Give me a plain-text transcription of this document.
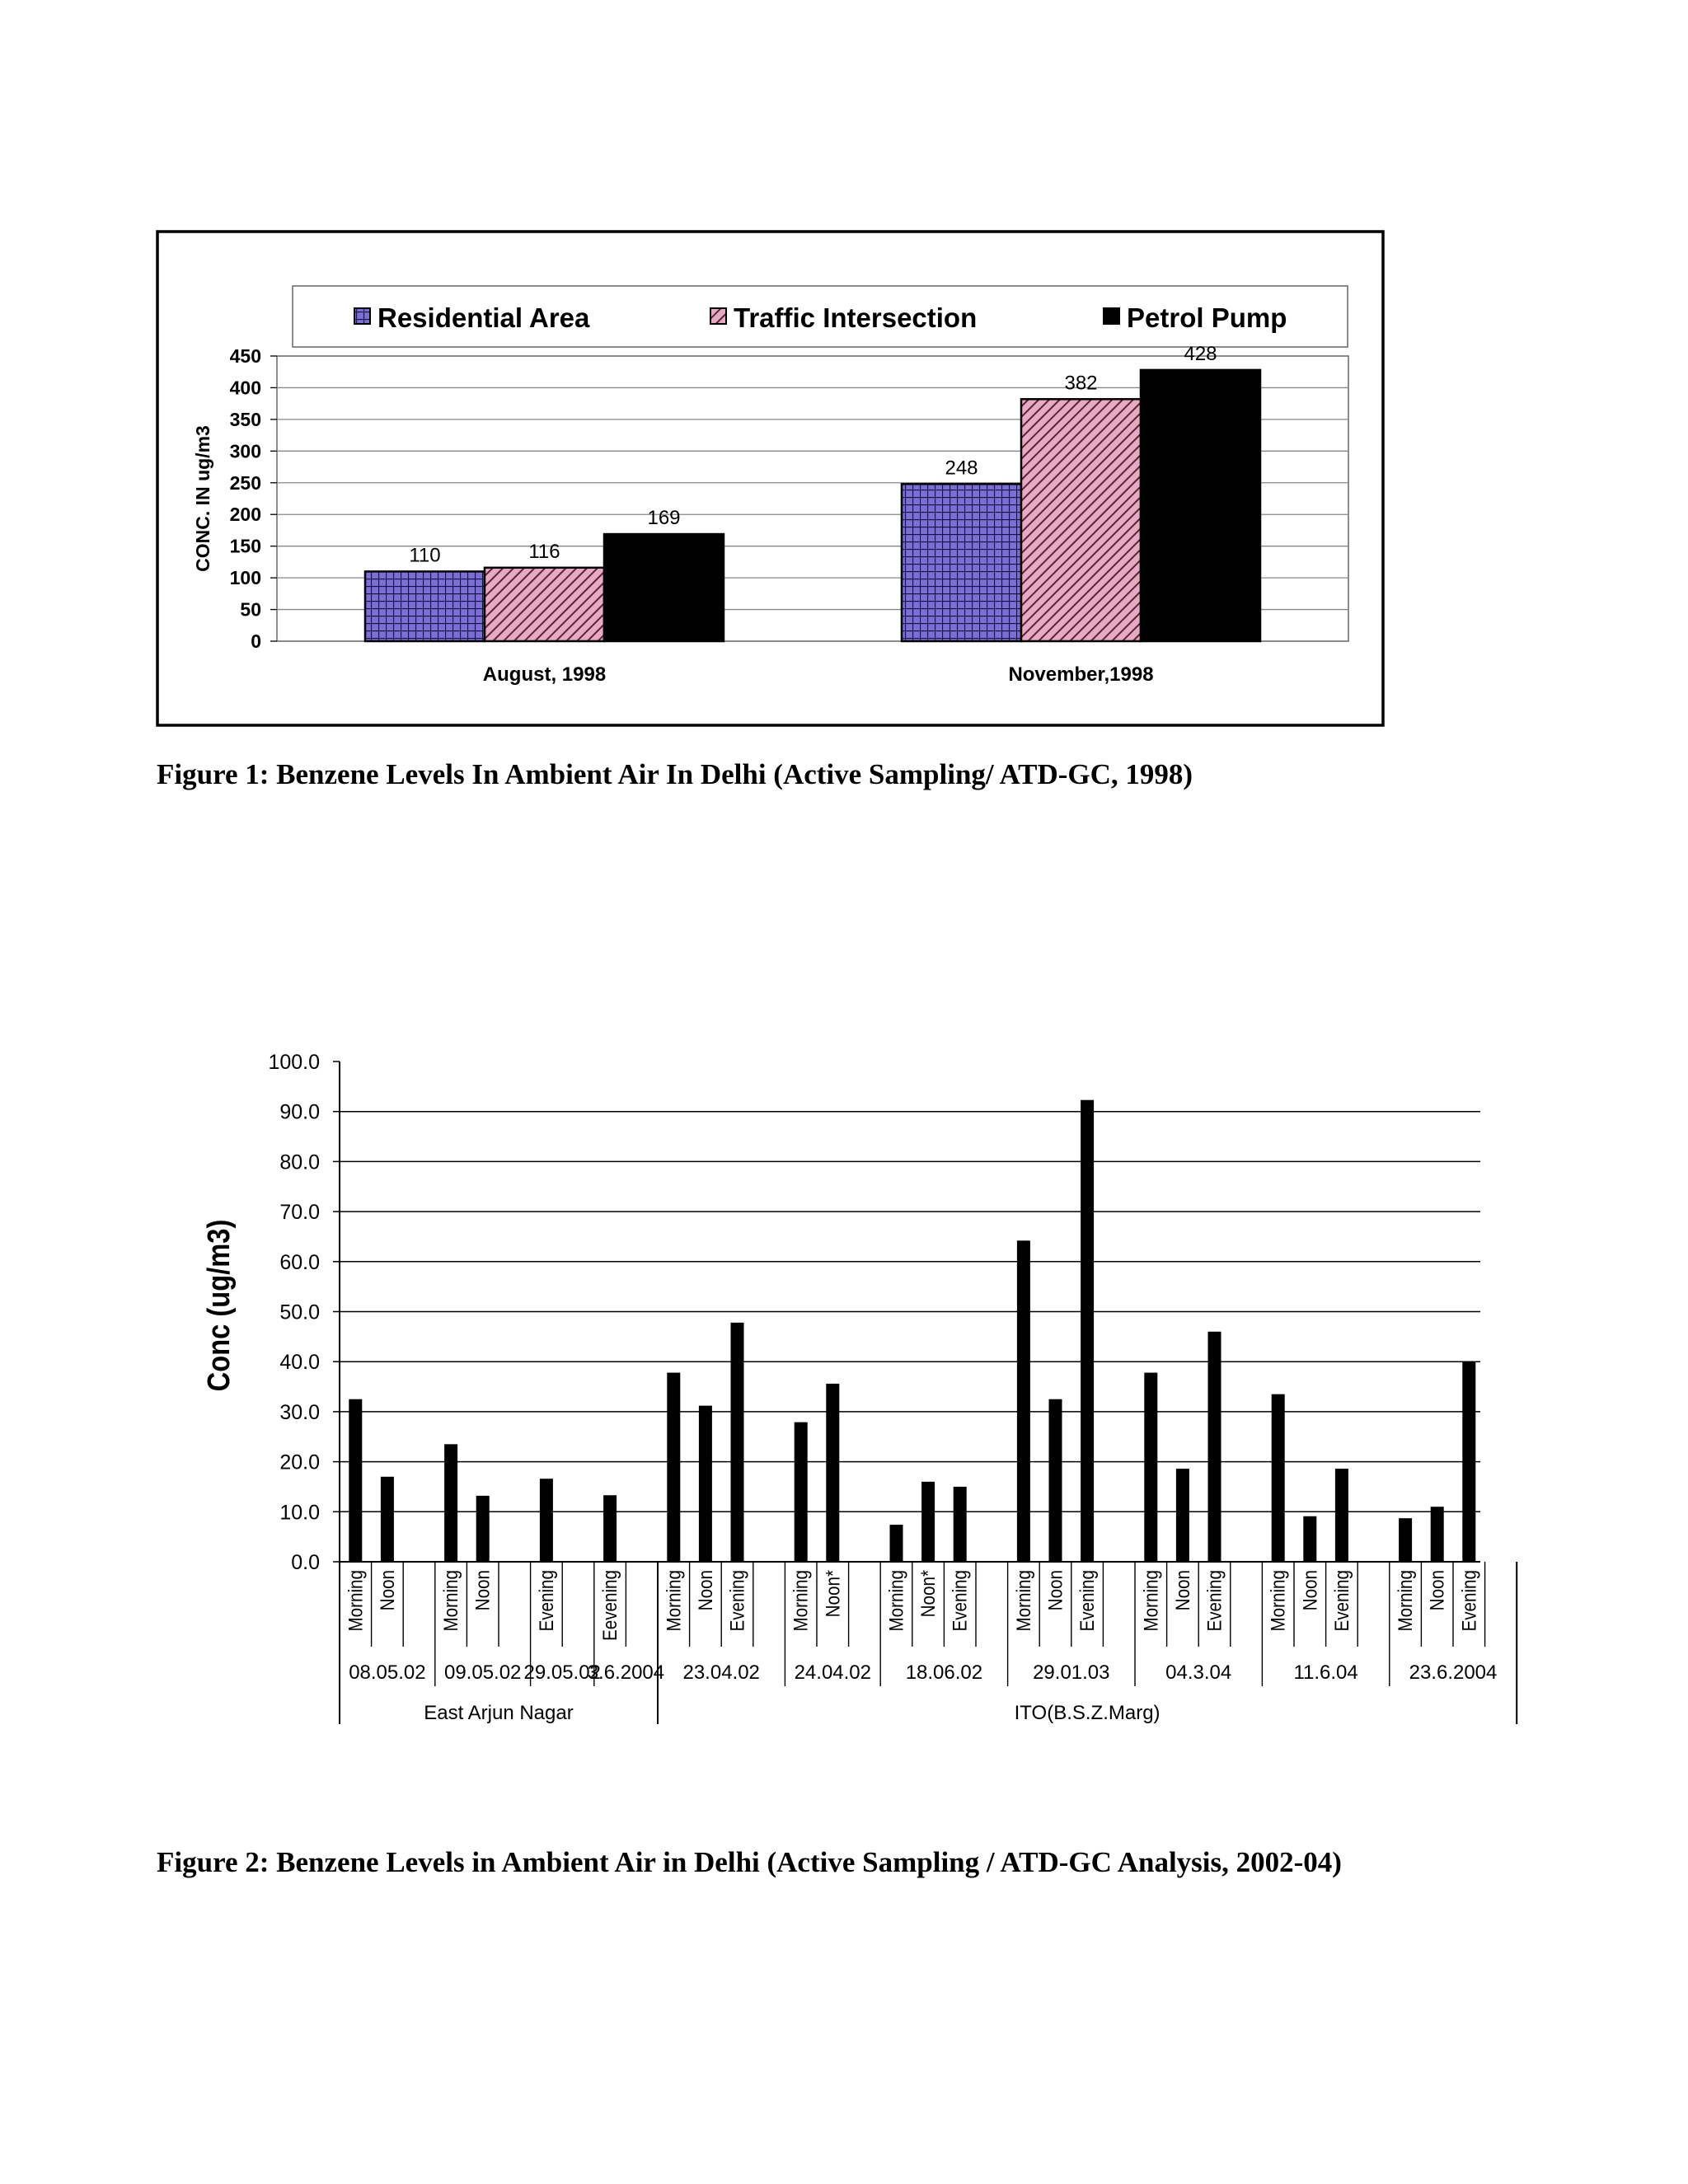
0
50
100
150
200
250
300
350
400
450
110	116
169
248
382
428
August, 1998	November,1998
Residential Area	Traffic Intersection	Petrol Pump
CONC. IN ug/m3
Figure 1: Benzene Levels In Ambient Air In Delhi (Active Sampling/ ATD-GC, 1998)
0.0
10.0
20.0
30.0
40.0
50.0
60.0
70.0
80.0
90.0
100.0
Morning Noon Morning Noon Evening Eevening Morning Noon Evening Morning Noon* Morning Noon* Evening Morning Noon Evening Morning Noon Evening Morning Noon Evening Morning Noon Evening
08.05.02 09.05.02 29.05.02
3.6.2004 23.04.02 24.04.02 18.06.02	29.01.03	04.3.04	11.6.04	23.6.2004
East Arjun Nagar	ITO(B.S.Z.Marg)
Conc (ug/m3)
Figure 2: Benzene Levels in Ambient Air in Delhi (Active Sampling / ATD-GC Analysis, 2002-04)
